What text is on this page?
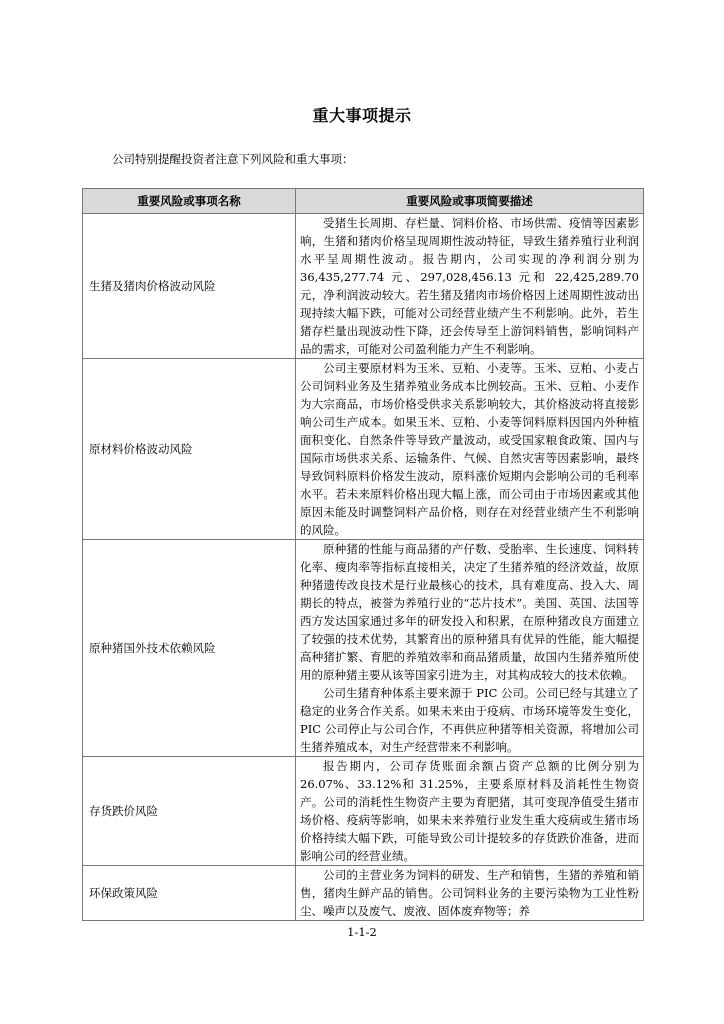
重大事项提示
公司特别提醒投资者注意下列风险和重大事项：
重要风险或事项名称	重要风险或事项简要描述
生猪及猪肉价格波动风险	受猪生长周期、存栏量、饲料价格、市场供需、疫情等因素影响，生猪和猪肉价格呈现周期性波动特征，导致生猪养殖行业利润水平呈周期性波动。报告期内，公司实现的净利润分别为 36,435,277.74 元、297,028,456.13 元和 22,425,289.70 元，净利润波动较大。若生猪及猪肉市场价格因上述周期性波动出现持续大幅下跌，可能对公司经营业绩产生不利影响。此外，若生猪存栏量出现波动性下降，还会传导至上游饲料销售，影响饲料产品的需求，可能对公司盈利能力产生不利影响。

原材料价格波动风险	公司主要原材料为玉米、豆粕、小麦等。玉米、豆粕、小麦占公司饲料业务及生猪养殖业务成本比例较高。玉米、豆粕、小麦作为大宗商品，市场价格受供求关系影响较大，其价格波动将直接影响公司生产成本。如果玉米、豆粕、小麦等饲料原料因国内外种植面积变化、自然条件等导致产量波动，或受国家粮食政策、国内与国际市场供求关系、运输条件、气候、自然灾害等因素影响，最终导致饲料原料价格发生波动，原料涨价短期内会影响公司的毛利率水平。若未来原料价格出现大幅上涨，而公司由于市场因素或其他原因未能及时调整饲料产品价格，则存在对经营业绩产生不利影响的风险。

原种猪国外技术依赖风险	原种猪的性能与商品猪的产仔数、受胎率、生长速度、饲料转化率、瘦肉率等指标直接相关，决定了生猪养殖的经济效益，故原种猪遗传改良技术是行业最核心的技术，具有难度高、投入大、周期长的特点，被誉为养殖行业的“芯片技术”。美国、英国、法国等西方发达国家通过多年的研发投入和积累，在原种猪改良方面建立了较强的技术优势，其繁育出的原种猪具有优异的性能，能大幅提高种猪扩繁、育肥的养殖效率和商品猪质量，故国内生猪养殖所使用的原种猪主要从该等国家引进为主，对其构成较大的技术依赖。

公司生猪育种体系主要来源于 PIC 公司。公司已经与其建立了稳定的业务合作关系。如果未来由于疫病、市场环境等发生变化，PIC 公司停止与公司合作，不再供应种猪等相关资源，将增加公司生猪养殖成本，对生产经营带来不利影响。

存货跌价风险	报告期内，公司存货账面余额占资产总额的比例分别为 26.07%、33.12%和 31.25%，主要系原材料及消耗性生物资产。公司的消耗性生物资产主要为育肥猪，其可变现净值受生猪市场价格、疫病等影响，如果未来养殖行业发生重大疫病或生猪市场价格持续大幅下跌，可能导致公司计提较多的存货跌价准备，进而影响公司的经营业绩。

环保政策风险	公司的主营业务为饲料的研发、生产和销售，生猪的养殖和销售，猪肉生鲜产品的销售。公司饲料业务的主要污染物为工业性粉尘、噪声以及废气、废液、固体废弃物等；养

1-1-2
